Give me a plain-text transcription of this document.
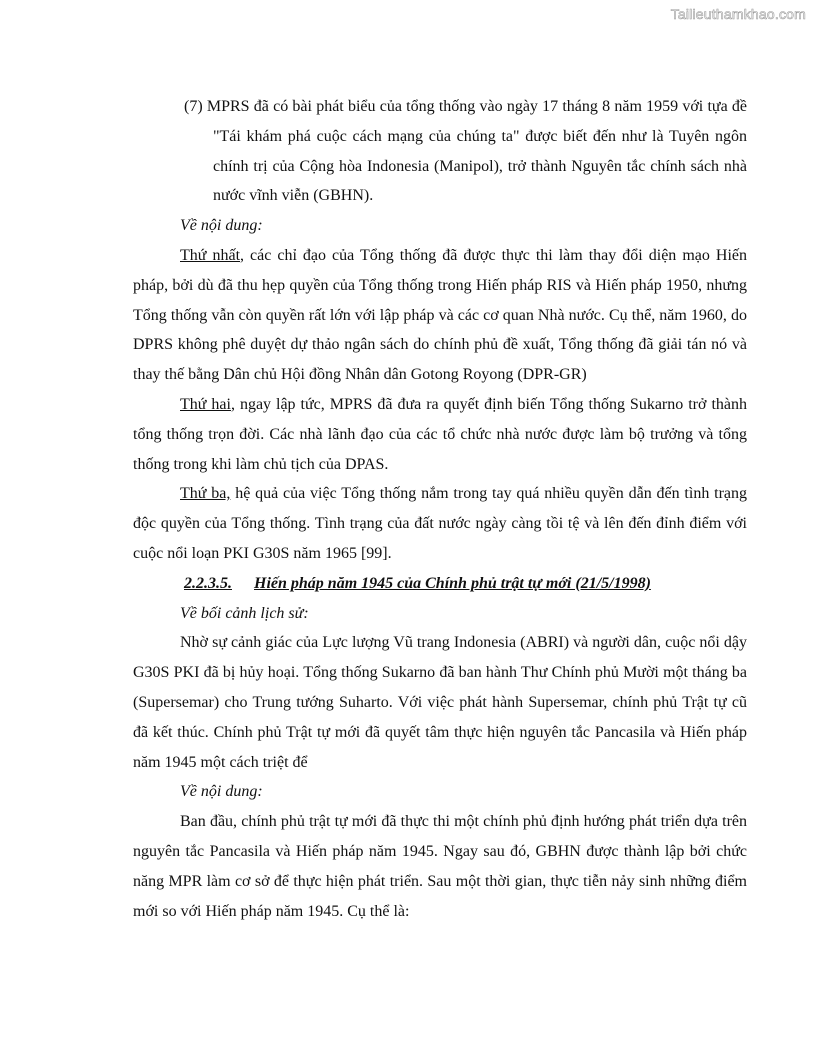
Tailieuthamkhao.com

(7) MPRS đã có bài phát biểu của tổng thống vào ngày 17 tháng 8 năm 1959 với tựa đề "Tái khám phá cuộc cách mạng của chúng ta" được biết đến như là Tuyên ngôn chính trị của Cộng hòa Indonesia (Manipol), trở thành Nguyên tắc chính sách nhà nước vĩnh viễn (GBHN).

Về nội dung:

Thứ nhất, các chỉ đạo của Tổng thống đã được thực thi làm thay đổi diện mạo Hiến pháp, bởi dù đã thu hẹp quyền của Tổng thống trong Hiến pháp RIS và Hiến pháp 1950, nhưng Tổng thống vẫn còn quyền rất lớn với lập pháp và các cơ quan Nhà nước. Cụ thể, năm 1960, do DPRS không phê duyệt dự thảo ngân sách do chính phủ đề xuất, Tổng thống đã giải tán nó và thay thế bằng Dân chủ Hội đồng Nhân dân Gotong Royong (DPR-GR)

Thứ hai, ngay lập tức, MPRS đã đưa ra quyết định biến Tổng thống Sukarno trở thành tổng thống trọn đời. Các nhà lãnh đạo của các tổ chức nhà nước được làm bộ trưởng và tổng thống trong khi làm chủ tịch của DPAS.

Thứ ba, hệ quả của việc Tổng thống nắm trong tay quá nhiều quyền dẫn đến tình trạng độc quyền của Tổng thống. Tình trạng của đất nước ngày càng tồi tệ và lên đến đỉnh điểm với cuộc nổi loạn PKI G30S năm 1965 [99].

2.2.3.5. Hiến pháp năm 1945 của Chính phủ trật tự mới (21/5/1998)

Về bối cảnh lịch sử:

Nhờ sự cảnh giác của Lực lượng Vũ trang Indonesia (ABRI) và người dân, cuộc nổi dậy G30S PKI đã bị hủy hoại. Tổng thống Sukarno đã ban hành Thư Chính phủ Mười một tháng ba (Supersemar) cho Trung tướng Suharto. Với việc phát hành Supersemar, chính phủ Trật tự cũ đã kết thúc. Chính phủ Trật tự mới đã quyết tâm thực hiện nguyên tắc Pancasila và Hiến pháp năm 1945 một cách triệt để

Về nội dung:

Ban đầu, chính phủ trật tự mới đã thực thi một chính phủ định hướng phát triển dựa trên nguyên tắc Pancasila và Hiến pháp năm 1945. Ngay sau đó, GBHN được thành lập bởi chức năng MPR làm cơ sở để thực hiện phát triển. Sau một thời gian, thực tiễn nảy sinh những điểm mới so với Hiến pháp năm 1945. Cụ thể là:
